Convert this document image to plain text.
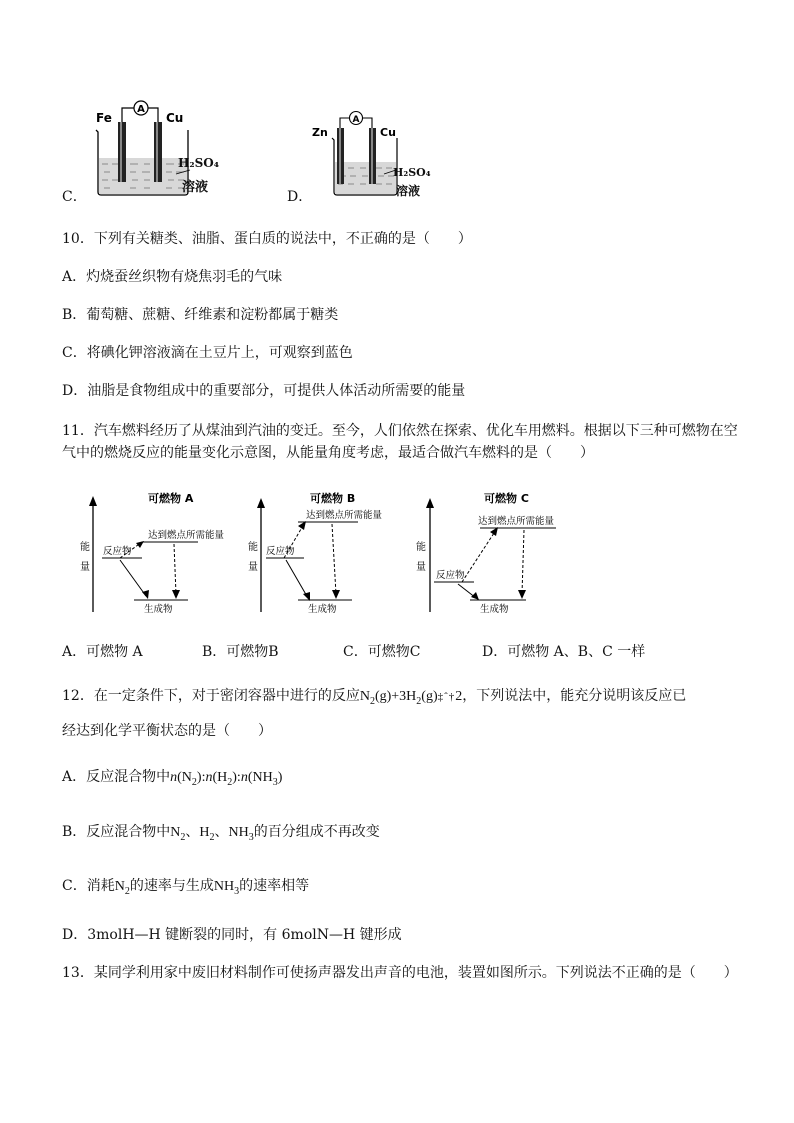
C．
Fe	Cu
A
H₂SO₄
溶液
D．
Zn	Cu
A
H₂SO₄
溶液
10．下列有关糖类、油脂、蛋白质的说法中，不正确的是（　　）
A．灼烧蚕丝织物有烧焦羽毛的气味
B．葡萄糖、蔗糖、纤维素和淀粉都属于糖类
C．将碘化钾溶液滴在土豆片上，可观察到蓝色
D．油脂是食物组成中的重要部分，可提供人体活动所需要的能量
11．汽车燃料经历了从煤油到汽油的变迁。至今，人们依然在探索、优化车用燃料。根据以下三种可燃物在空
气中的燃烧反应的能量变化示意图，从能量角度考虑，最适合做汽车燃料的是（　　）
可燃物 A
能
量
达到燃点所需能量
反应物
生成物
可燃物 B
能
量
达到燃点所需能量
反应物
生成物
可燃物 C
能
量
达到燃点所需能量
反应物
生成物
A．可燃物 A	B．可燃物B	C．可燃物C	D．可燃物 A、B、C 一样
12．在一定条件下，对于密闭容器中进行的反应$N_2(g)+3H_2(g)\ddagger ˆ\dagger 2$，下列说法中，能充分说明该反应已
经达到化学平衡状态的是（　　）
A．反应混合物中$n(N_2):n(H_2):n(NH_3)$
B．反应混合物中$N_2$、$H_2$、$NH_3$的百分组成不再改变
C．消耗$N_2$的速率与生成$NH_3$的速率相等
D．3molH—H 键断裂的同时，有 6molN—H 键形成
13．某同学利用家中废旧材料制作可使扬声器发出声音的电池，装置如图所示。下列说法不正确的是（　　）
